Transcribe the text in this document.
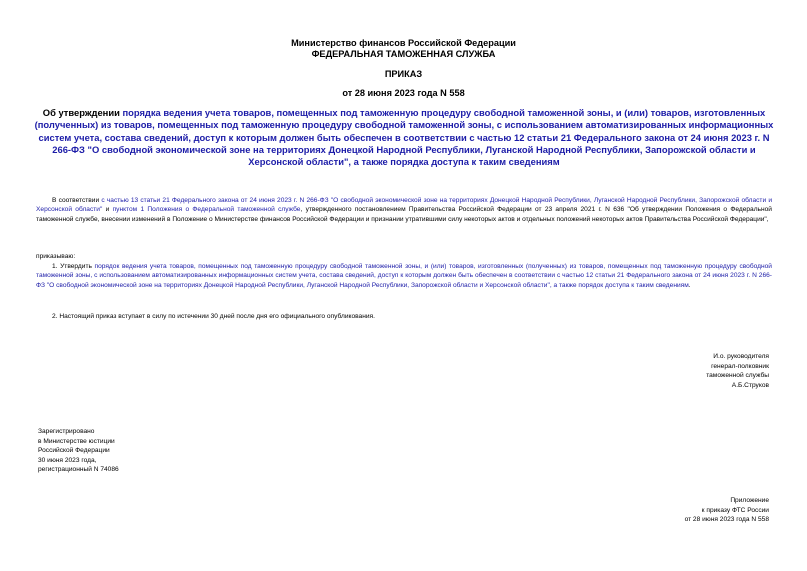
Министерство финансов Российской Федерации
ФЕДЕРАЛЬНАЯ ТАМОЖЕННАЯ СЛУЖБА
ПРИКАЗ
от 28 июня 2023 года N 558
Об утверждении порядка ведения учета товаров, помещенных под таможенную процедуру свободной таможенной зоны, и (или) товаров, изготовленных (полученных) из товаров, помещенных под таможенную процедуру свободной таможенной зоны, с использованием автоматизированных информационных систем учета, состава сведений, доступ к которым должен быть обеспечен в соответствии с частью 12 статьи 21 Федерального закона от 24 июня 2023 г. N 266-ФЗ "О свободной экономической зоне на территориях Донецкой Народной Республики, Луганской Народной Республики, Запорожской области и Херсонской области", а также порядка доступа к таким сведениям
В соответствии с частью 13 статьи 21 Федерального закона от 24 июня 2023 г. N 266-ФЗ "О свободной экономической зоне на территориях Донецкой Народной Республики, Луганской Народной Республики, Запорожской области и Херсонской области" и пунктом 1 Положения о Федеральной таможенной службе, утвержденного постановлением Правительства Российской Федерации от 23 апреля 2021 г. N 636 "Об утверждении Положения о Федеральной таможенной службе, внесении изменений в Положение о Министерстве финансов Российской Федерации и признании утратившими силу некоторых актов и отдельных положений некоторых актов Правительства Российской Федерации",
приказываю:
1. Утвердить порядок ведения учета товаров, помещенных под таможенную процедуру свободной таможенной зоны, и (или) товаров, изготовленных (полученных) из товаров, помещенных под таможенную процедуру свободной таможенной зоны, с использованием автоматизированных информационных систем учета, состава сведений, доступ к которым должен быть обеспечен в соответствии с частью 12 статьи 21 Федерального закона от 24 июня 2023 г. N 266-ФЗ "О свободной экономической зоне на территориях Донецкой Народной Республики, Луганской Народной Республики, Запорожской области и Херсонской области", а также порядок доступа к таким сведениям.
2. Настоящий приказ вступает в силу по истечении 30 дней после дня его официального опубликования.
И.о. руководителя
генерал-полковник
таможенной службы
А.Б.Струков
Зарегистрировано
в Министерстве юстиции
Российской Федерации
30 июня 2023 года,
регистрационный N 74086
Приложение
к приказу ФТС России
от 28 июня 2023 года N 558
